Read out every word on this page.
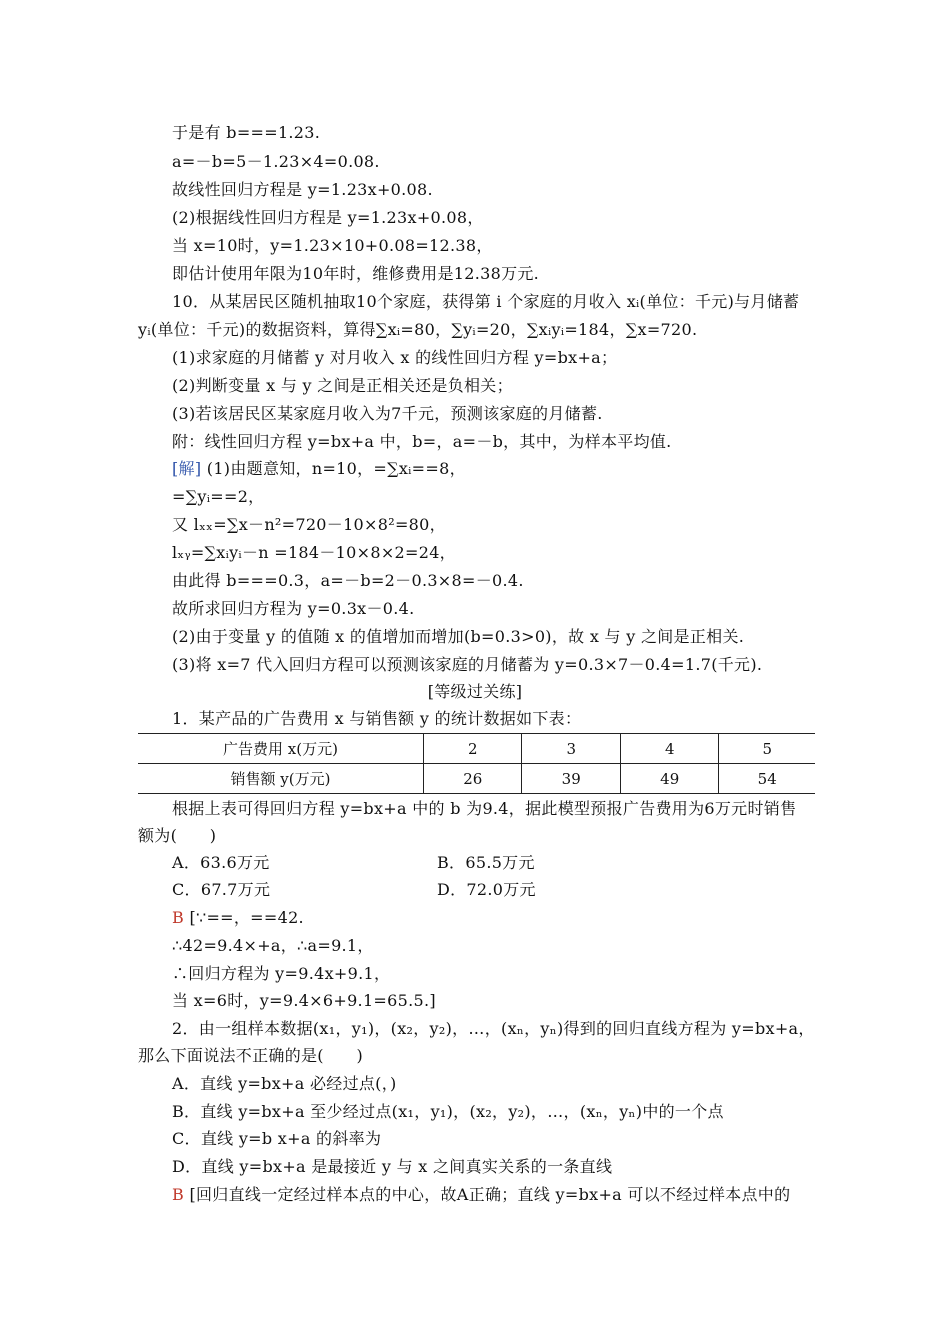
于是有 b===1.23.
a=－b=5－1.23×4=0.08.
故线性回归方程是 y=1.23x+0.08.
(2)根据线性回归方程是 y=1.23x+0.08，
当 x=10时，y=1.23×10+0.08=12.38，
即估计使用年限为10年时，维修费用是12.38万元.
10．从某居民区随机抽取10个家庭，获得第 i 个家庭的月收入 xᵢ(单位：千元)与月储蓄
yᵢ(单位：千元)的数据资料，算得∑xᵢ=80，∑yᵢ=20，∑xᵢyᵢ=184，∑x=720.
(1)求家庭的月储蓄 y 对月收入 x 的线性回归方程 y=bx+a；
(2)判断变量 x 与 y 之间是正相关还是负相关；
(3)若该居民区某家庭月收入为7千元，预测该家庭的月储蓄.
附：线性回归方程 y=bx+a 中，b=，a=－b，其中，为样本平均值.
[解] (1)由题意知，n=10，=∑xᵢ==8，
=∑yᵢ==2，
又 lₓₓ=∑x－n²=720－10×8²=80，
lₓᵧ=∑xᵢyᵢ－n =184－10×8×2=24，
由此得 b===0.3，a=－b=2－0.3×8=－0.4.
故所求回归方程为 y=0.3x－0.4.
(2)由于变量 y 的值随 x 的值增加而增加(b=0.3>0)，故 x 与 y 之间是正相关.
(3)将 x=7 代入回归方程可以预测该家庭的月储蓄为 y=0.3×7－0.4=1.7(千元).
[等级过关练]
1．某产品的广告费用 x 与销售额 y 的统计数据如下表：
广告费用 x(万元)	2	3	4	5
销售额 y(万元)	26	39	49	54
根据上表可得回归方程 y=bx+a 中的 b 为9.4，据此模型预报广告费用为6万元时销售
额为(　　)
A．63.6万元	B．65.5万元
C．67.7万元	D．72.0万元
B [∵==，==42.
∴42=9.4×+a，∴a=9.1，
∴回归方程为 y=9.4x+9.1，
当 x=6时，y=9.4×6+9.1=65.5.]
2．由一组样本数据(x₁，y₁)，(x₂，y₂)，…，(xₙ，yₙ)得到的回归直线方程为 y=bx+a，
那么下面说法不正确的是(　　)
A．直线 y=bx+a 必经过点(，)
B．直线 y=bx+a 至少经过点(x₁，y₁)，(x₂，y₂)，…，(xₙ，yₙ)中的一个点
C．直线 y=b x+a 的斜率为
D．直线 y=bx+a 是最接近 y 与 x 之间真实关系的一条直线
B [回归直线一定经过样本点的中心，故A正确；直线 y=bx+a 可以不经过样本点中的
